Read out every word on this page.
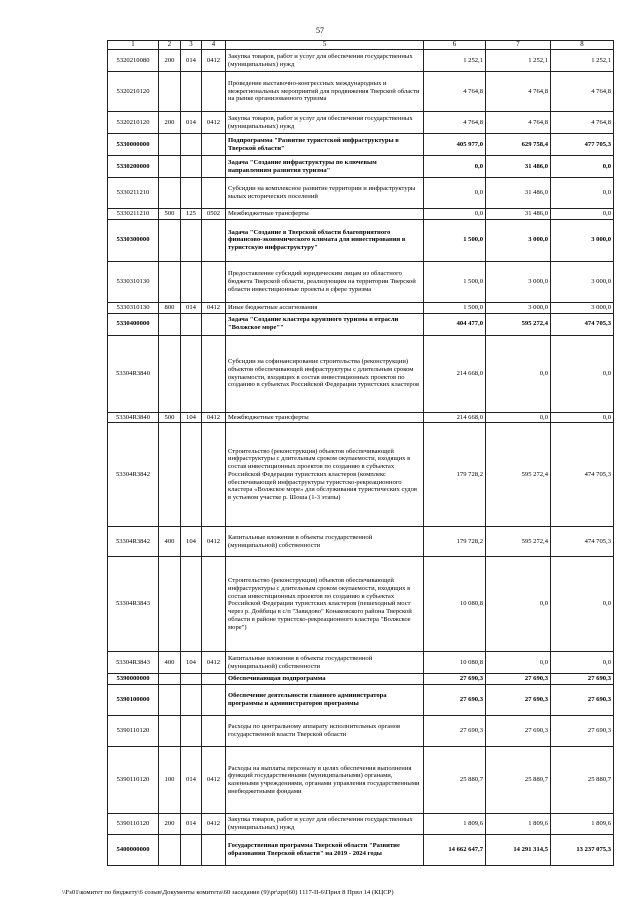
57
1	2	3	4	5	6	7	8
5320210080	200	014	0412	Закупка товаров, работ и услуг для обеспечения государственных (муниципальных) нужд	1 252,1	1 252,1	1 252,1
5320210120				Проведение выставочно-конгрессных международных и межрегиональных мероприятий для продвижения Тверской области на рынке организованного туризма	4 764,8	4 764,8	4 764,8
5320210120	200	014	0412	Закупка товаров, работ и услуг для обеспечения государственных (муниципальных) нужд	4 764,8	4 764,8	4 764,8
5330000000				Подпрограмма "Развитие туристской инфраструктуры в Тверской области"	405 977,0	629 758,4	477 705,3
5330200000				Задача "Создание инфраструктуры по ключевым направлениям развития туризма"	0,0	31 486,0	0,0
5330211210				Субсидии на комплексное развитие территории и инфраструктуры малых исторических поселений	0,0	31 486,0	0,0
5330211210	500	125	0502	Межбюджетные трансферты	0,0	31 486,0	0,0
5330300000				Задача "Создание в Тверской области благоприятного финансово-экономического климата для инвестирования в туристскую инфраструктуру"	1 500,0	3 000,0	3 000,0
5330310130				Предоставление субсидий юридическим лицам из областного бюджета Тверской области, реализующим на территории Тверской области инвестиционные проекты в сфере туризма	1 500,0	3 000,0	3 000,0
5330310130	800	014	0412	Иные бюджетные ассигнования	1 500,0	3 000,0	3 000,0
5330400000				Задача "Создание кластера круизного туризма в отрасли "Волжское море""	404 477,0	595 272,4	474 705,3
53304R3840				Субсидии на софинансирование строительства (реконструкции) объектов обеспечивающей инфраструктуры с длительным сроком окупаемости, входящих в состав инвестиционных проектов по созданию в субъектах Российской Федерации туристских кластеров	214 668,0	0,0	0,0
53304R3840	500	104	0412	Межбюджетные трансферты	214 668,0	0,0	0,0
53304R3842				Строительство (реконструкция) объектов обеспечивающей инфраструктуры с длительным сроком окупаемости, входящих в состав инвестиционных проектов по созданию в субъектах Российской Федерации туристских кластеров (комплекс обеспечивающей инфраструктуры туристско-рекреационного кластера «Волжское море» для обслуживания туристических судов в устьевом участке р. Шоша (1-3 этапы)	179 728,2	595 272,4	474 705,3
53304R3842	400	104	0412	Капитальные вложения в объекты государственной (муниципальной) собственности	179 728,2	595 272,4	474 705,3
53304R3843				Строительство (реконструкция) объектов обеспечивающей инфраструктуры с длительным сроком окупаемости, входящих в состав инвестиционных проектов по созданию в субъектах Российской Федерации туристских кластеров (пешеходный мост через р. Дойбица в с/п "Завидово" Конаковского района Тверской области в районе туристско-рекреационного кластера "Волжское море")	10 080,8	0,0	0,0
53304R3843	400	104	0412	Капитальные вложения в объекты государственной (муниципальной) собственности	10 080,8	0,0	0,0
5390000000				Обеспечивающая подпрограмма	27 690,3	27 690,3	27 690,3
5390100000				Обеспечение деятельности главного администратора программы и администраторов программы	27 690,3	27 690,3	27 690,3
5390110120				Расходы по центральному аппарату исполнительных органов государственной власти Тверской области	27 690,3	27 690,3	27 690,3
5390110120	100	014	0412	Расходы на выплаты персоналу в целях обеспечения выполнения функций государственными (муниципальными) органами, казенными учреждениями, органами управления государственными внебюджетными фондами	25 880,7	25 880,7	25 880,7
5390110120	200	014	0412	Закупка товаров, работ и услуг для обеспечения государственных (муниципальных) нужд	1 809,6	1 809,6	1 809,6
5400000000				Государственная программа Тверской области "Развитие образования Тверской области" на 2019 - 2024 годы	14 662 647,7	14 291 314,5	13 237 075,3
\\Fs01\комитет по бюджету\6 созыв\Документы комитета\60 заседание (9)\pr\zpr(60) 1117-II-6\Прил 8 Прил 14 (КЦСР)
